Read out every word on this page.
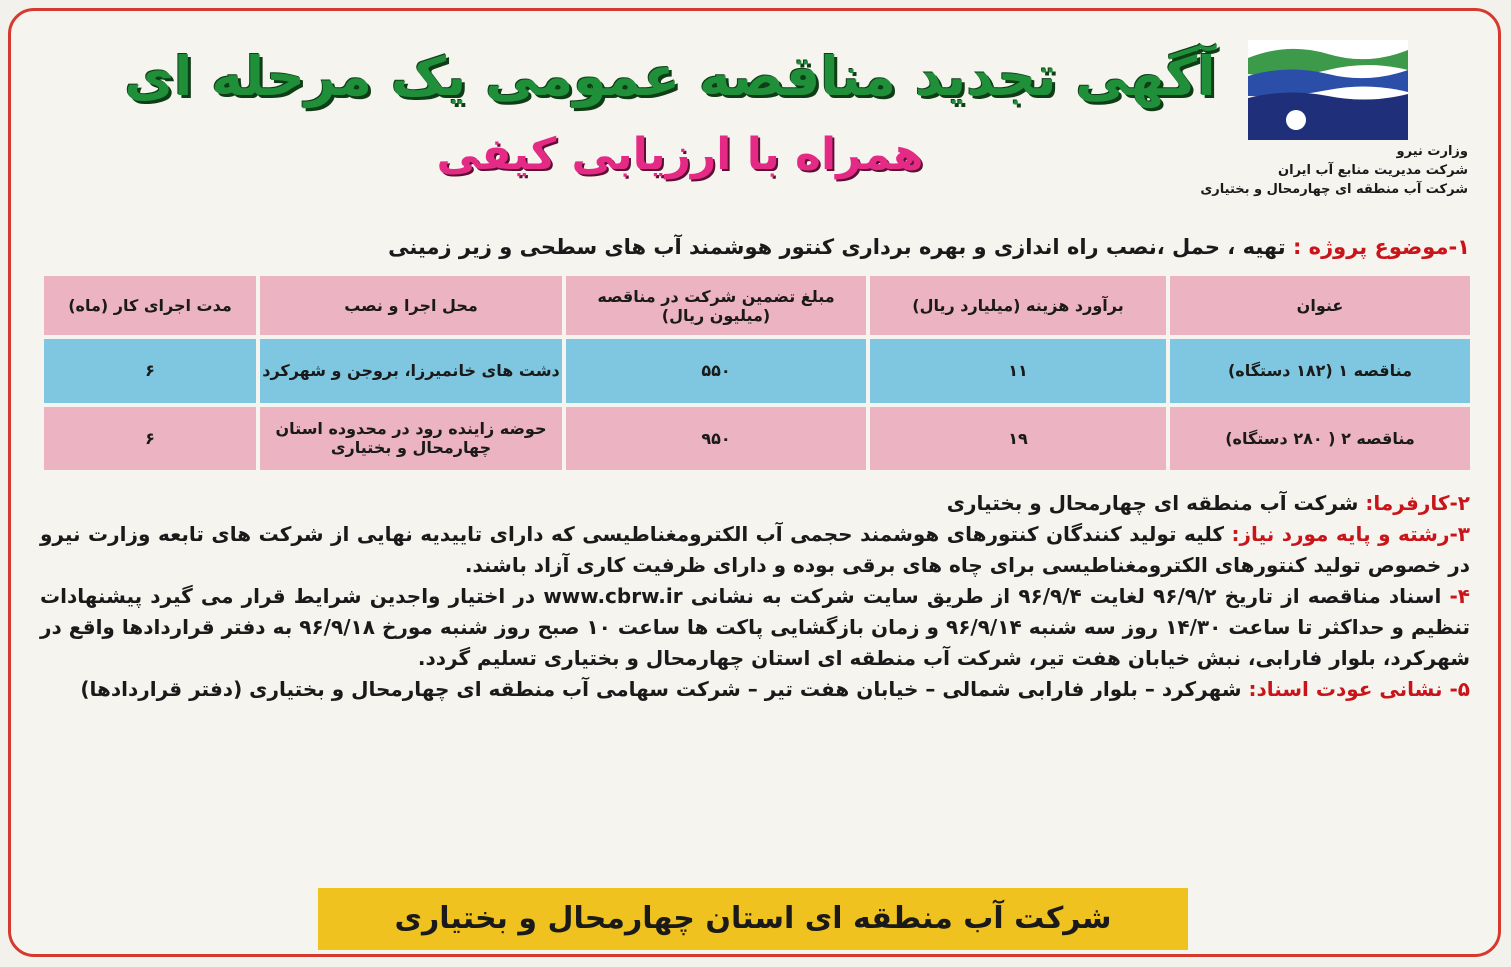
وزارت نیرو
شرکت مدیریت منابع آب ایران
شرکت آب منطقه ای چهارمحال و بختیاری
آگهی تجدید مناقصه عمومی یک مرحله ای
همراه با ارزیابی کیفی
۱-موضوع پروژه : تهیه ، حمل ،نصب راه اندازی و بهره برداری کنتور هوشمند آب های سطحی و زیر زمینی
عنوان	برآورد هزینه (میلیارد ریال)	مبلغ تضمین شرکت در مناقصه (میلیون ریال)	محل اجرا و نصب	مدت اجرای کار (ماه)
مناقصه ۱ (۱۸۲ دستگاه)	۱۱	۵۵۰	دشت های خانمیرزا، بروجن و شهرکرد	۶
مناقصه ۲ ( ۲۸۰ دستگاه)	۱۹	۹۵۰	حوضه زاینده رود در محدوده استان چهارمحال و بختیاری	۶

۲-کارفرما: شرکت آب منطقه ای چهارمحال و بختیاری

۳-رشته و پایه مورد نیاز: کلیه تولید کنندگان کنتورهای هوشمند حجمی آب الکترومغناطیسی که دارای تاییدیه نهایی از شرکت های تابعه وزارت نیرو در خصوص تولید کنتورهای الکترومغناطیسی برای چاه های برقی بوده و دارای ظرفیت کاری آزاد باشند.

۴- اسناد مناقصه از تاریخ ۹۶/۹/۲ لغایت ۹۶/۹/۴ از طریق سایت شرکت به نشانی www.cbrw.ir در اختیار واجدین شرایط قرار می گیرد پیشنهادات تنظیم و حداکثر تا ساعت ۱۴/۳۰ روز سه شنبه ۹۶/۹/۱۴ و زمان بازگشایی پاکت ها ساعت ۱۰ صبح روز شنبه مورخ ۹۶/۹/۱۸ به دفتر قراردادها واقع در شهرکرد، بلوار فارابی، نبش خیابان هفت تیر، شرکت آب منطقه ای استان چهارمحال و بختیاری تسلیم گردد.

۵- نشانی عودت اسناد: شهرکرد – بلوار فارابی شمالی – خیابان هفت تیر – شرکت سهامی آب منطقه ای چهارمحال و بختیاری (دفتر قراردادها)

شرکت آب منطقه ای استان چهارمحال و بختیاری
